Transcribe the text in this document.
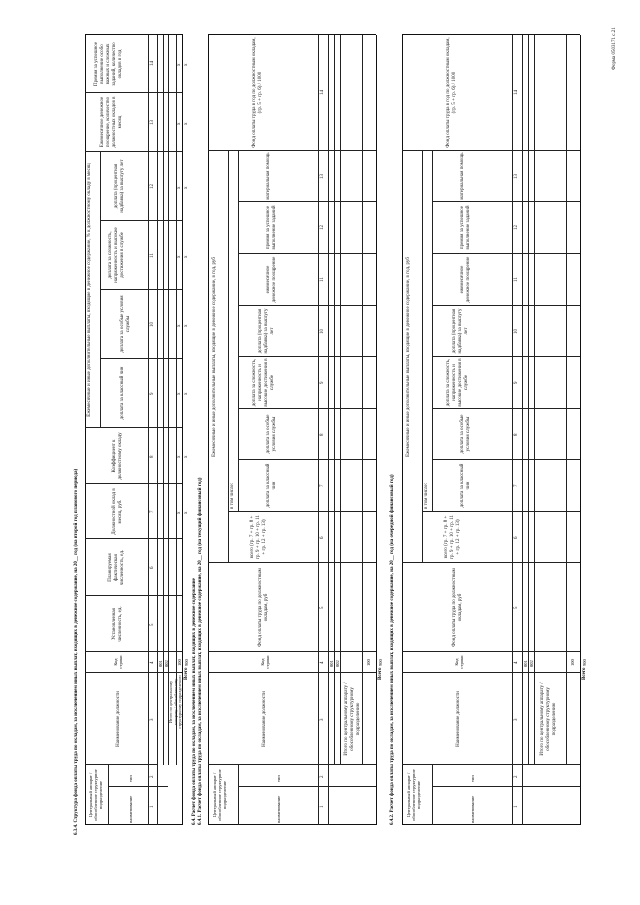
Форма 0503171 с.21
6.3.4. Структура фонда оплаты труда по окладам, за исключением иных выплат, входящих в денежное содержание, на 20__ год (на второй год планового периода) Центральный аппарат / обособленное структурное подразделение
наименование
тип
Наименование должности
Код строки
Установленная численность, ед.
Планируемая фактическая численность, ед.
Должностной оклад в месяц, руб.
Коэффициент к должностному окладу
Ежемесячные и иные дополнительные выплаты, входящие в денежное содержание, % к должностному окладу в месяц	доплата за классный чин
доплата за особые условия службы
доплата за сложность, напряженность и высокие достижения в службе
доплата (процентная надбавка) за выслугу лет
Ежемесячное денежное поощрение, количество должностных окладов в месяц
Премия за успешное выполнение особо важных и сложных заданий, количество окладов в год
1
2
3
4
5
6
7
8
9
10
11
12
13
14
001 002
Итого по центральному аппарату / обособленному структурному подразделению
100
Всего
900
x
x
x
x
x
x
x
x
x
x
x
x
x
x
x
x
6.4. Расчет фонда оплаты труда по окладам, за исключением иных выплат, входящих в денежное содержание 6.4.1. Расчет фонда оплаты труда по окладам, за исключением иных выплат, входящих в денежное содержание, на 20__ год (на текущий финансовый год) Центральный аппарат / обособленное структурное подразделение
наименование
тип
Наименование должности
Код строки
Фонд оплаты труда по должностным окладам, руб
Ежемесячные и иные дополнительные выплаты, входящие в денежное содержание, в год, руб
в том числе:
всего (гр. 7 + гр. 8 + гр. 9 + гр. 10 + гр. 11 + гр. 12 + гр. 13)
доплата за классный чин
доплата за особые условия службы
доплата за сложность, напряженность и высокие достижения в службе
доплата (процентная надбавка) за выслугу лет
ежемесячное денежное поощрение
премия за успешное выполнение заданий
материальная помощь
Фонд оплаты труда в год по должностным окладам, (гр. 5 + гр. 6) / 1000
1
2
3
4
5
6
7
8
9
10
11
12
13
14
001 002
Итого по центральному аппарату / обособленному структурному подразделению
100
Всего
900 6.4.2. Расчет фонда оплаты труда по окладам, за исключением иных выплат, входящих в денежное содержание, на 20__ год (на очередной финансовый год) Центральный аппарат / обособленное структурное подразделение
наименование
тип
Наименование должности
Код строки
Фонд оплаты труда по должностным окладам, руб
Ежемесячные и иные дополнительные выплаты, входящие в денежное содержание, в год, руб
в том числе:
всего (гр. 7 + гр. 8 + гр. 9 + гр. 10 + гр. 11 + гр. 12 + гр. 13)
доплата за классный чин
доплата за особые условия службы
доплата за сложность, напряженность и высокие достижения в службе
доплата (процентная надбавка) за выслугу лет
ежемесячное денежное поощрение
премия за успешное выполнение заданий
материальная помощь
Фонд оплаты труда в год по должностным окладам, (гр. 5 + гр. 6) / 1000
1
2
3
4
5
6
7
8
9
10
11
12
13
14
001 002
Итого по центральному аппарату / обособленному структурному подразделению
100
Всего
900
